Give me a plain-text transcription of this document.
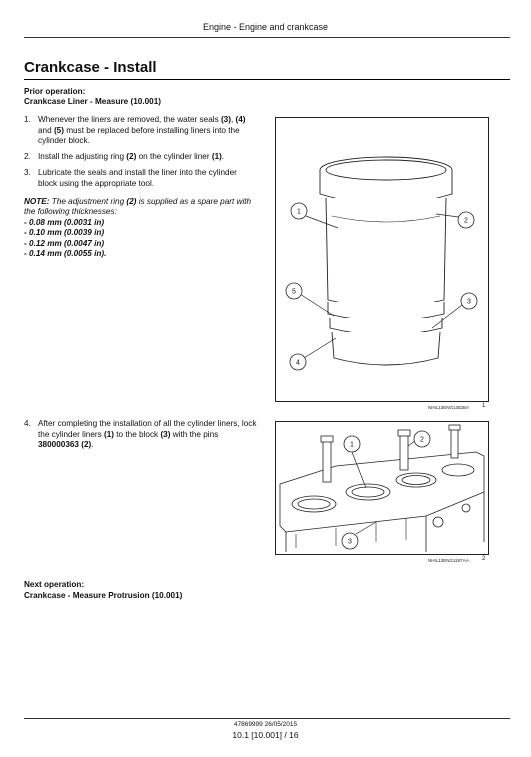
Engine - Engine and crankcase
Crankcase - Install
Prior operation:
Crankcase Liner - Measure (10.001)
1. Whenever the liners are removed, the water seals (3), (4) and (5) must be replaced before installing liners into the cylinder block.
2. Install the adjusting ring (2) on the cylinder liner (1).
3. Lubricate the seals and install the liner into the cylinder block using the appropriate tool.
NOTE: The adjustment ring (2) is supplied as a spare part with the following thicknesses:
- 0.08 mm (0.0031 in)
- 0.10 mm (0.0039 in)
- 0.12 mm (0.0047 in)
- 0.14 mm (0.0055 in).
1
2
5
3
4
NHIL13ENG1352BA 1
4. After completing the installation of all the cylinder liners, lock the cylinder liners (1) to the block (3) with the pins 380000363 (2).	1
2
3
NHIL13ENG1187AA 2
Next operation:
Crankcase - Measure Protrusion (10.001)
47869999 26/05/2015
10.1 [10.001] / 16
